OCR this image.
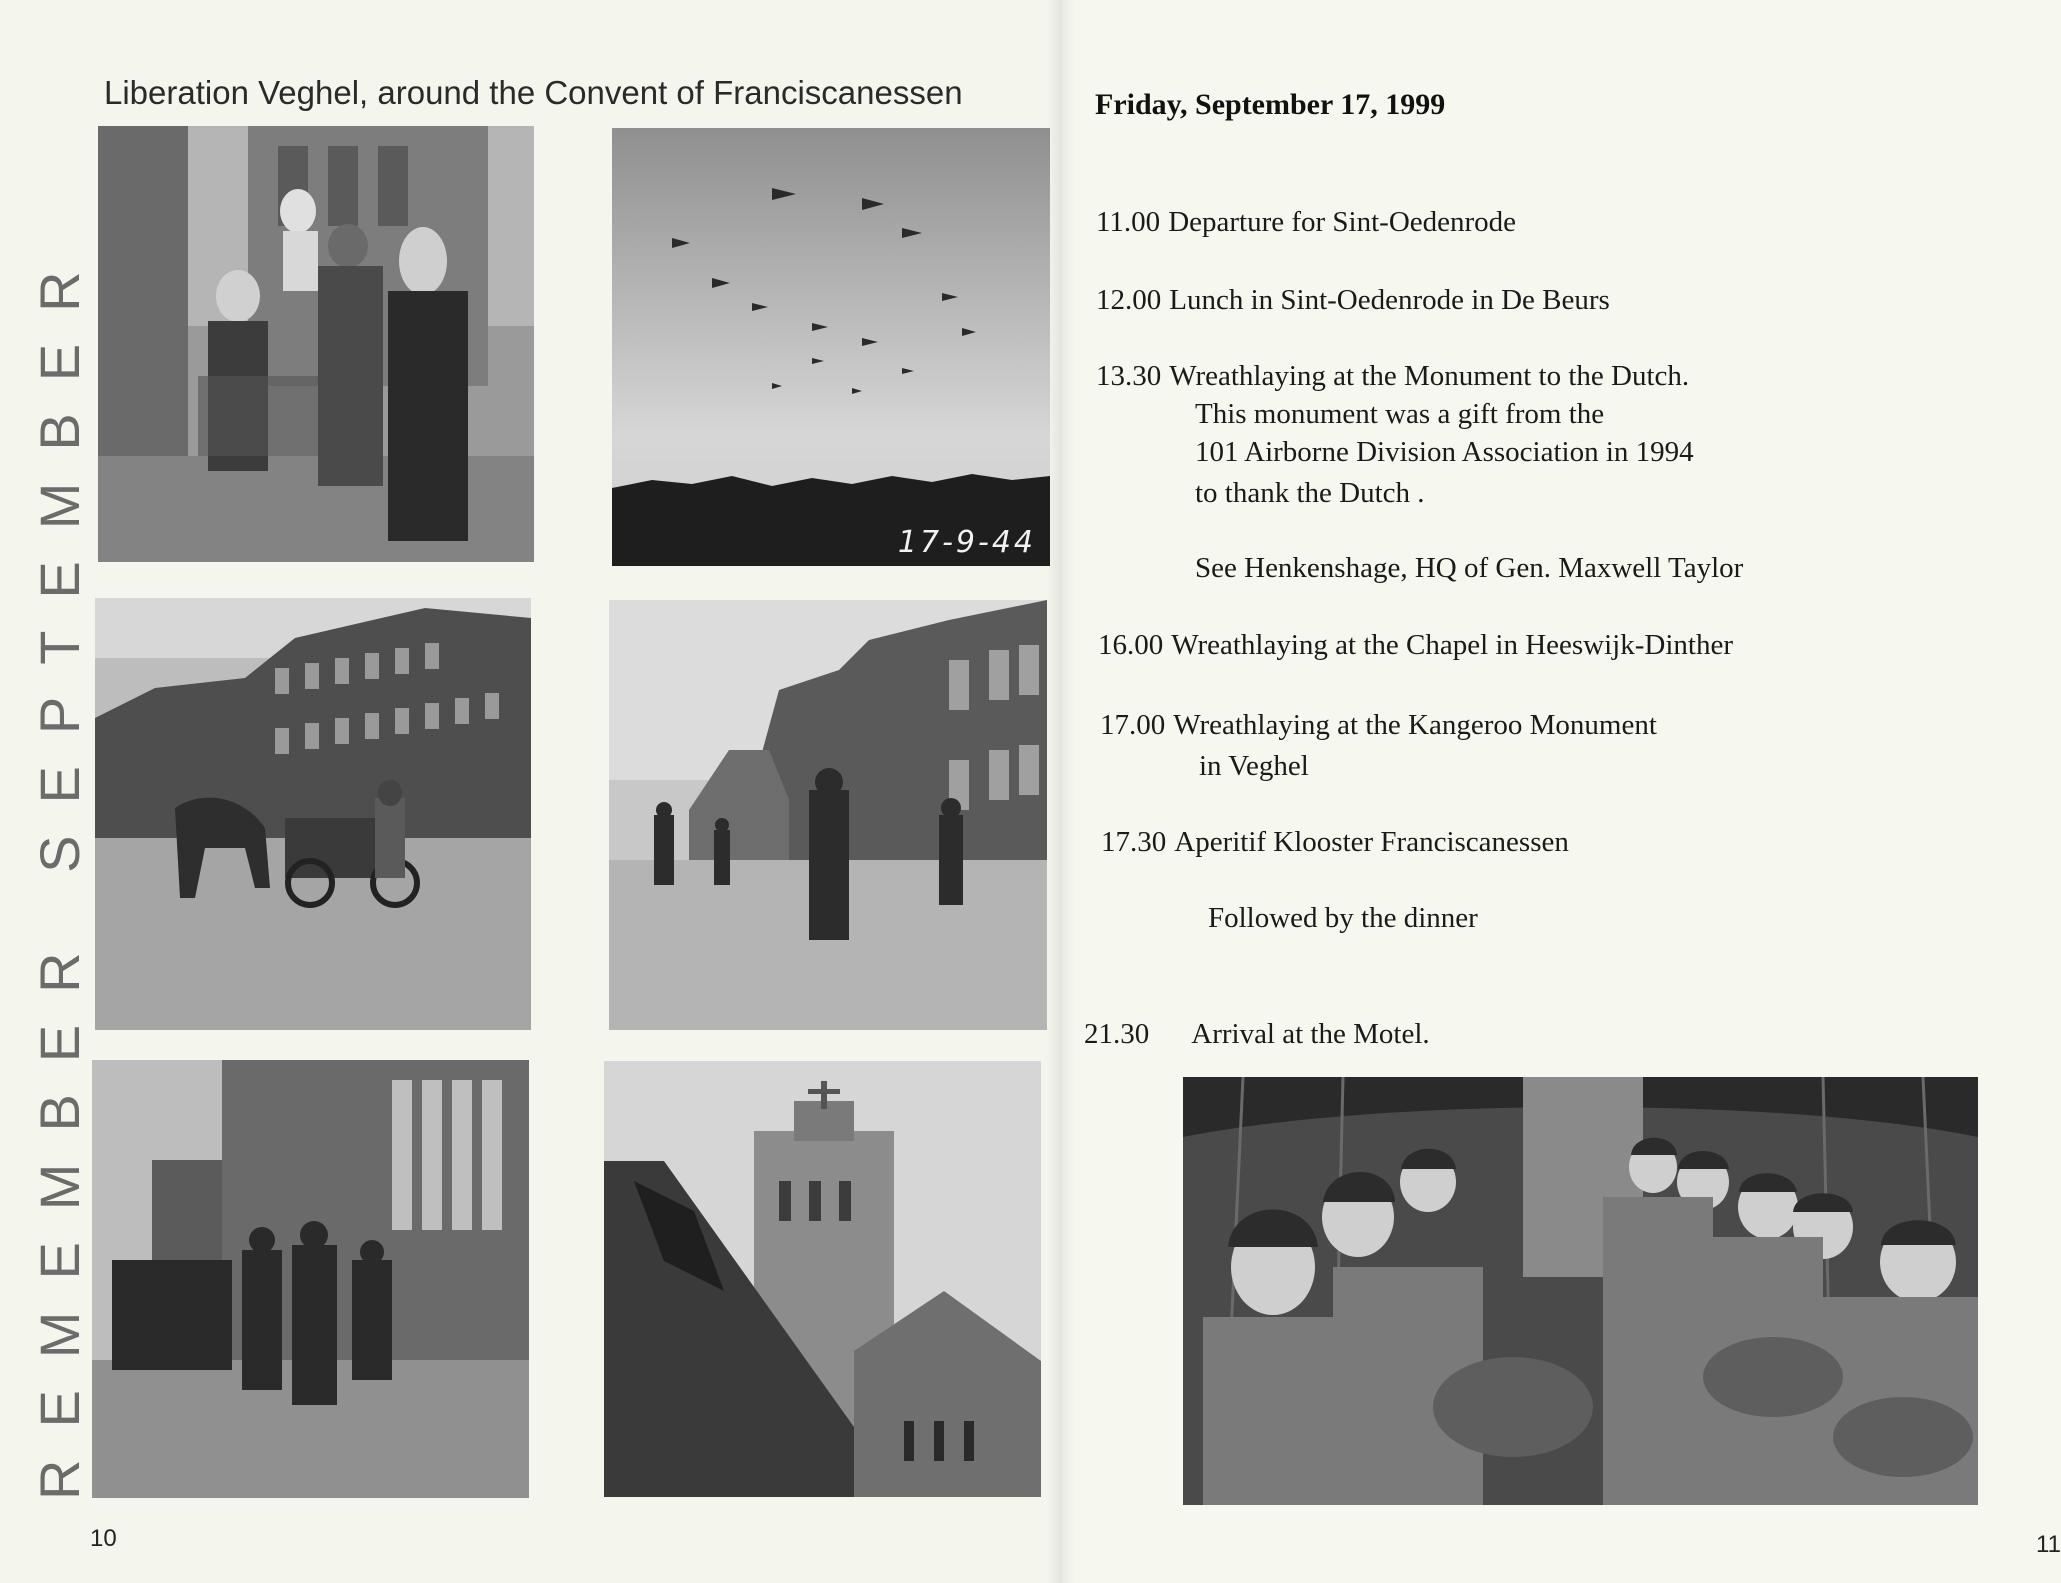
REMEMBER SEPTEMBER
Liberation Veghel, around the Convent of Franciscanessen
17-9-44
10
Friday, September 17, 1999
11.00 Departure for Sint-Oedenrode
12.00 Lunch in Sint-Oedenrode in De Beurs
13.30 Wreathlaying at the Monument to the Dutch.
This monument was a gift from the
101 Airborne Division Association in 1994
to thank the Dutch .
See Henkenshage, HQ of Gen. Maxwell Taylor
16.00 Wreathlaying at the Chapel in Heeswijk-Dinther
17.00 Wreathlaying at the Kangeroo Monument
in Veghel
17.30 Aperitif Klooster Franciscanessen
Followed by the dinner
21.30 Arrival at the Motel.
11
